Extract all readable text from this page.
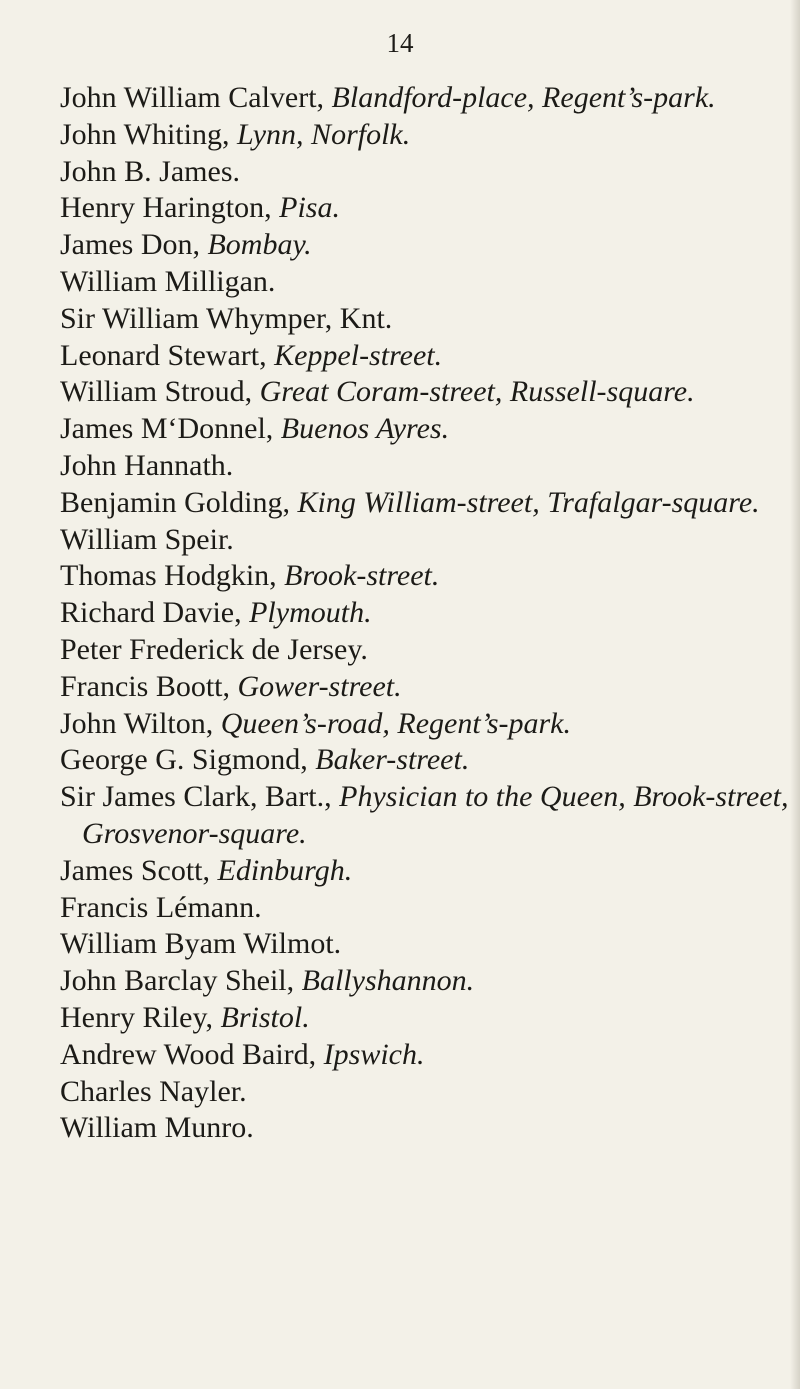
14
John William Calvert, Blandford-place, Regent’s-park.
John Whiting, Lynn, Norfolk.
John B. James.
Henry Harington, Pisa.
James Don, Bombay.
William Milligan.
Sir William Whymper, Knt.
Leonard Stewart, Keppel-street.
William Stroud, Great Coram-street, Russell-square.
James M‘Donnel, Buenos Ayres.
John Hannath.
Benjamin Golding, King William-street, Trafalgar-square.
William Speir.
Thomas Hodgkin, Brook-street.
Richard Davie, Plymouth.
Peter Frederick de Jersey.
Francis Boott, Gower-street.
John Wilton, Queen’s-road, Regent’s-park.
George G. Sigmond, Baker-street.
Sir James Clark, Bart., Physician to the Queen, Brook-street, Grosvenor-square.
James Scott, Edinburgh.
Francis Lémann.
William Byam Wilmot.
John Barclay Sheil, Ballyshannon.
Henry Riley, Bristol.
Andrew Wood Baird, Ipswich.
Charles Nayler.
William Munro.
